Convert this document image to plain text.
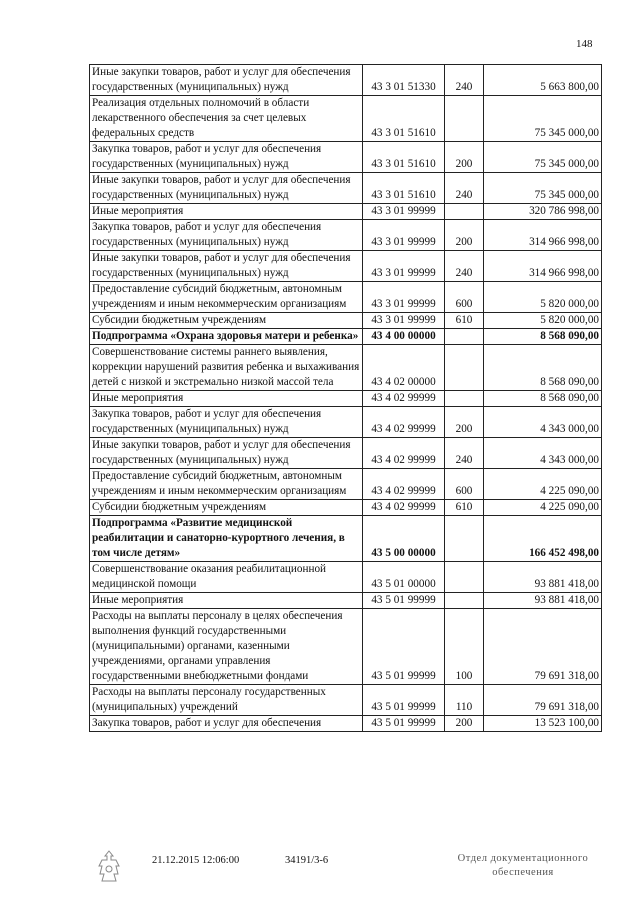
148
Иные закупки товаров, работ и услуг для обеспечения государственных (муниципальных) нужд	43 3 01 51330	240	5 663 800,00
Реализация отдельных полномочий в области лекарственного обеспечения за счет целевых федеральных средств	43 3 01 51610		75 345 000,00
Закупка товаров, работ и услуг для обеспечения государственных (муниципальных) нужд	43 3 01 51610	200	75 345 000,00
Иные закупки товаров, работ и услуг для обеспечения государственных (муниципальных) нужд	43 3 01 51610	240	75 345 000,00
Иные мероприятия	43 3 01 99999		320 786 998,00
Закупка товаров, работ и услуг для обеспечения государственных (муниципальных) нужд	43 3 01 99999	200	314 966 998,00
Иные закупки товаров, работ и услуг для обеспечения государственных (муниципальных) нужд	43 3 01 99999	240	314 966 998,00
Предоставление субсидий бюджетным, автономным учреждениям и иным некоммерческим организациям	43 3 01 99999	600	5 820 000,00
Субсидии бюджетным учреждениям	43 3 01 99999	610	5 820 000,00
Подпрограмма «Охрана здоровья матери и ребенка»	43 4 00 00000		8 568 090,00
Совершенствование системы раннего выявления, коррекции нарушений развития ребенка и выхаживания детей с низкой и экстремально низкой массой тела	43 4 02 00000		8 568 090,00
Иные мероприятия	43 4 02 99999		8 568 090,00
Закупка товаров, работ и услуг для обеспечения государственных (муниципальных) нужд	43 4 02 99999	200	4 343 000,00
Иные закупки товаров, работ и услуг для обеспечения государственных (муниципальных) нужд	43 4 02 99999	240	4 343 000,00
Предоставление субсидий бюджетным, автономным учреждениям и иным некоммерческим организациям	43 4 02 99999	600	4 225 090,00
Субсидии бюджетным учреждениям	43 4 02 99999	610	4 225 090,00
Подпрограмма «Развитие медицинской реабилитации и санаторно-курортного лечения, в том числе детям»	43 5 00 00000		166 452 498,00
Совершенствование оказания реабилитационной медицинской помощи	43 5 01 00000		93 881 418,00
Иные мероприятия	43 5 01 99999		93 881 418,00
Расходы на выплаты персоналу в целях обеспечения выполнения функций государственными (муниципальными) органами, казенными учреждениями, органами управления государственными внебюджетными фондами	43 5 01 99999	100	79 691 318,00
Расходы на выплаты персоналу государственных (муниципальных) учреждений	43 5 01 99999	110	79 691 318,00
Закупка товаров, работ и услуг для обеспечения	43 5 01 99999	200	13 523 100,00
21.12.2015 12:06:00	34191/3-6	Отдел документационного
обеспечения
